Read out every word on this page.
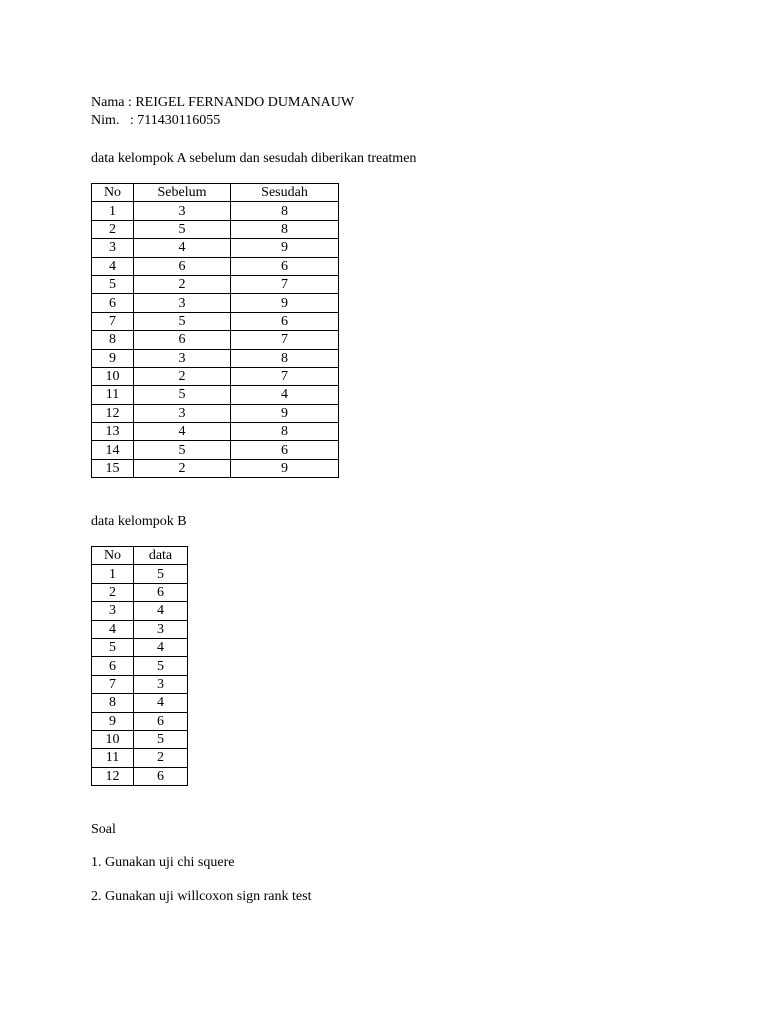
Nama : REIGEL FERNANDO DUMANAUW
Nim.   : 711430116055
data kelompok A sebelum dan sesudah diberikan treatmen
No	Sebelum	Sesudah
1	3	8
2	5	8
3	4	9
4	6	6
5	2	7
6	3	9
7	5	6
8	6	7
9	3	8
10	2	7
11	5	4
12	3	9
13	4	8
14	5	6
15	2	9
data kelompok B
No	data
1	5
2	6
3	4
4	3
5	4
6	5
7	3
8	4
9	6
10	5
11	2
12	6
Soal
1. Gunakan uji chi squere
2. Gunakan uji willcoxon sign rank test
